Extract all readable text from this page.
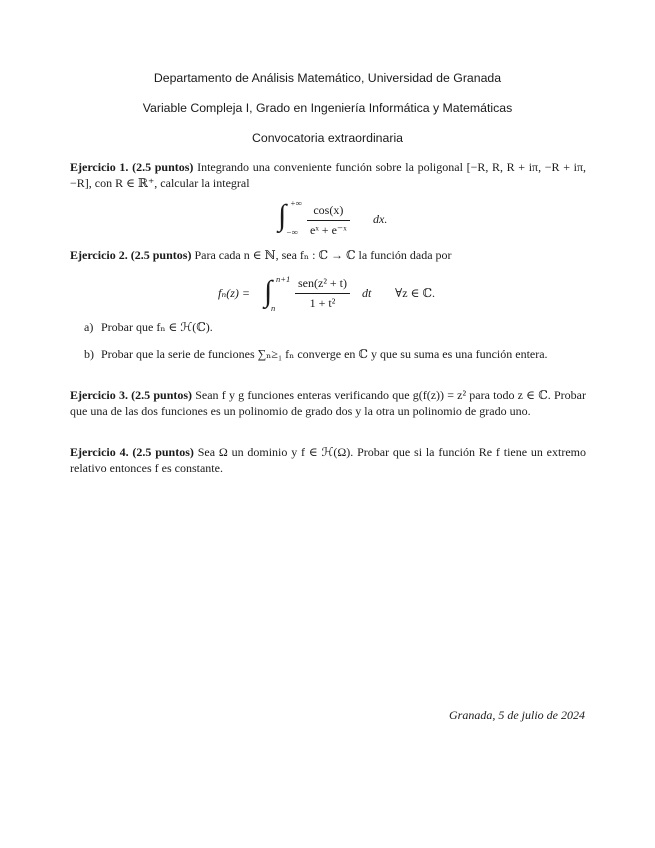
Departamento de Análisis Matemático, Universidad de Granada
Variable Compleja I, Grado en Ingeniería Informática y Matemáticas
Convocatoria extraordinaria
Ejercicio 1. (2.5 puntos) Integrando una conveniente función sobre la poligonal [−R, R, R + iπ, −R + iπ, −R], con R ∈ ℝ⁺, calcular la integral
∫ +∞
−∞ $\frac{\cos(x)}{\text{eˣ + e⁻ˣ}}$ dx.
Ejercicio 2. (2.5 puntos) Para cada n ∈ ℕ, sea fₙ : ℂ → ℂ la función dada por
fₙ(z) = ∫ n+1
n
sen(z² + t)
1 + t²
dt ∀z ∈ ℂ.
a) Probar que fₙ ∈ ℋ(ℂ).
b) Probar que la serie de funciones ∑ₙ≥₁ fₙ converge en ℂ y que su suma es una función entera.
Ejercicio 3. (2.5 puntos) Sean f y g funciones enteras verificando que g(f(z)) = z² para todo z ∈ ℂ. Probar que una de las dos funciones es un polinomio de grado dos y la otra un polinomio de grado uno.
Ejercicio 4. (2.5 puntos) Sea Ω un dominio y f ∈ ℋ(Ω). Probar que si la función Re f tiene un extremo relativo entonces f es constante.
Granada, 5 de julio de 2024
